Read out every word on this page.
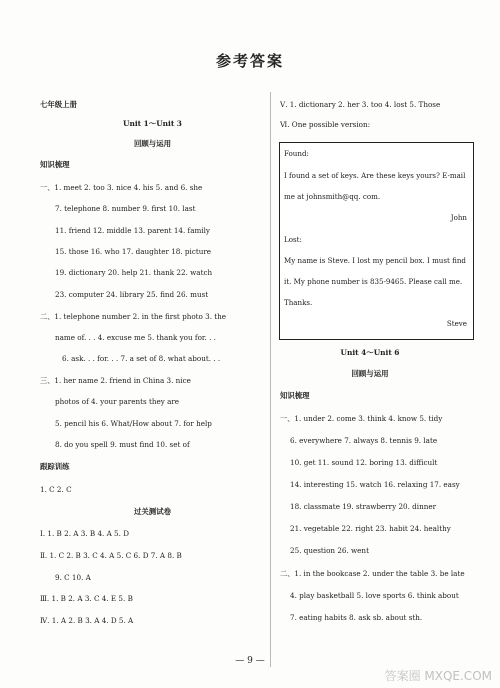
参考答案
七年级上册
Unit 1～Unit 3
回顾与运用
知识梳理
一、1. meet 2. too 3. nice 4. his 5. and 6. she
7. telephone 8. number 9. first 10. last
11. friend 12. middle 13. parent 14. family
15. those 16. who 17. daughter 18. picture
19. dictionary 20. help 21. thank 22. watch
23. computer 24. library 25. find 26. must
二、1. telephone number 2. in the first photo 3. the
name of. . . 4. excuse me 5. thank you for. . .
6. ask. . . for. . . 7. a set of 8. what about. . .
三、1. her name 2. friend in China 3. nice
photos of 4. your parents they are
5. pencil his 6. What/How about 7. for help
8. do you spell 9. must find 10. set of
跟踪训练
1. C 2. C
过关测试卷
Ⅰ. 1. B 2. A 3. B 4. A 5. D
Ⅱ. 1. C 2. B 3. C 4. A 5. C 6. D 7. A 8. B
9. C 10. A
Ⅲ. 1. B 2. A 3. C 4. E 5. B
Ⅳ. 1. A 2. B 3. A 4. D 5. A
Ⅴ. 1. dictionary 2. her 3. too 4. lost 5. Those
Ⅵ. One possible version:
Found:
I found a set of keys. Are these keys yours? E-mail
me at johnsmith@qq. com.
John
Lost:
My name is Steve. I lost my pencil box. I must find
it. My phone number is 835-9465. Please call me.
Thanks.
Steve
Unit 4～Unit 6
回顾与运用
知识梳理
一、1. under 2. come 3. think 4. know 5. tidy
6. everywhere 7. always 8. tennis 9. late
10. get 11. sound 12. boring 13. difficult
14. interesting 15. watch 16. relaxing 17. easy
18. classmate 19. strawberry 20. dinner
21. vegetable 22. right 23. habit 24. healthy
25. question 26. went
二、1. in the bookcase 2. under the table 3. be late
4. play basketball 5. love sports 6. think about
7. eating habits 8. ask sb. about sth.
— 9 —
答案圈 MXQE.COM
